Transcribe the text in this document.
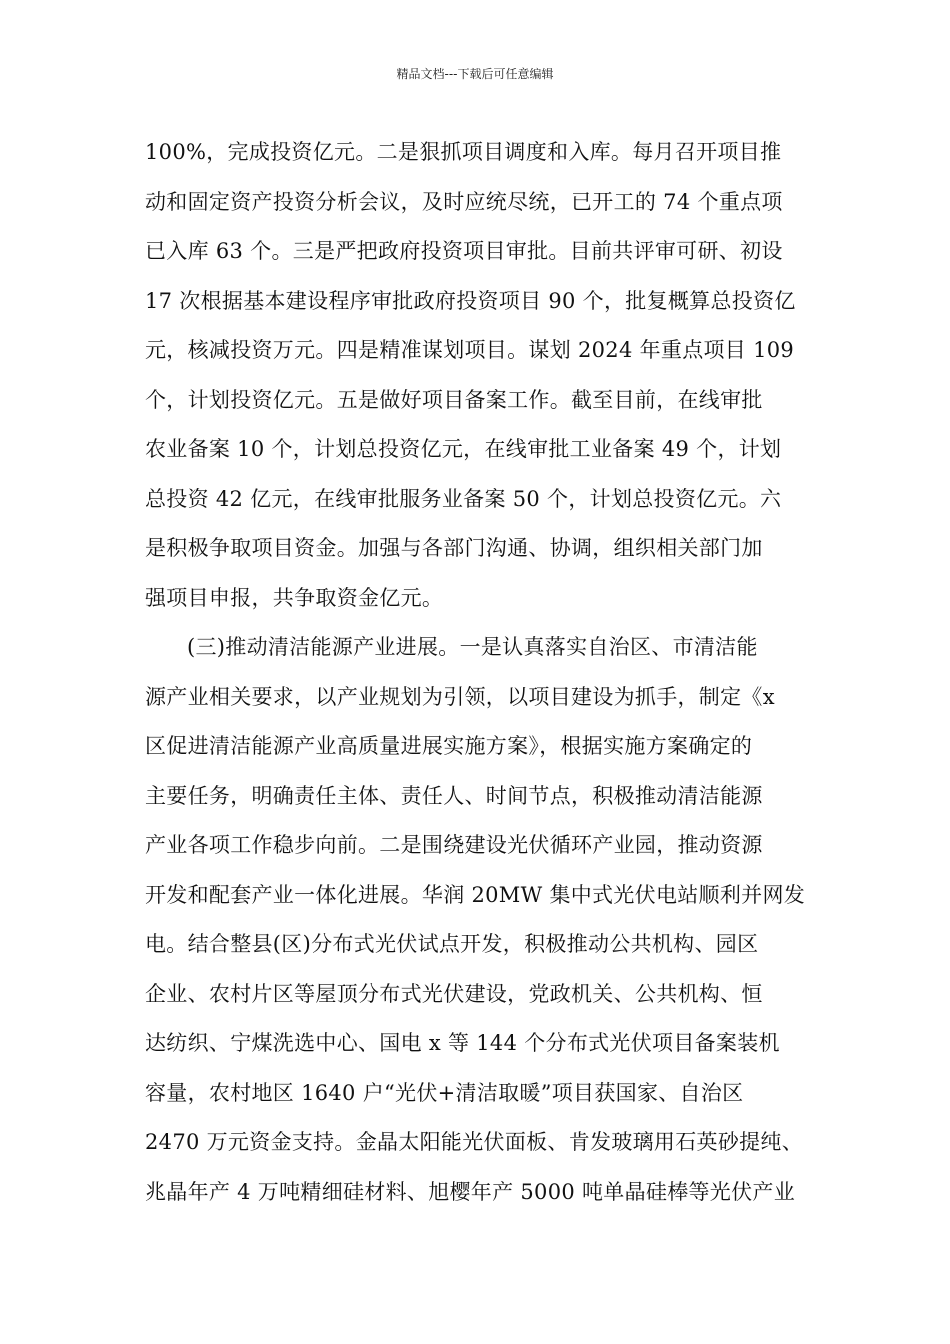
精品文档---下载后可任意编辑
100%，完成投资亿元。二是狠抓项目调度和入库。每月召开项目推
动和固定资产投资分析会议，及时应统尽统，已开工的 74 个重点项
已入库 63 个。三是严把政府投资项目审批。目前共评审可研、初设
17 次根据基本建设程序审批政府投资项目 90 个，批复概算总投资亿
元，核减投资万元。四是精准谋划项目。谋划 2024 年重点项目 109
个，计划投资亿元。五是做好项目备案工作。截至目前，在线审批
农业备案 10 个，计划总投资亿元，在线审批工业备案 49 个，计划
总投资 42 亿元，在线审批服务业备案 50 个，计划总投资亿元。六
是积极争取项目资金。加强与各部门沟通、协调，组织相关部门加
强项目申报，共争取资金亿元。
(三)推动清洁能源产业进展。一是认真落实自治区、市清洁能
源产业相关要求，以产业规划为引领，以项目建设为抓手，制定《x
区促进清洁能源产业高质量进展实施方案》，根据实施方案确定的
主要任务，明确责任主体、责任人、时间节点，积极推动清洁能源
产业各项工作稳步向前。二是围绕建设光伏循环产业园，推动资源
开发和配套产业一体化进展。华润 20MW 集中式光伏电站顺利并网发
电。结合整县(区)分布式光伏试点开发，积极推动公共机构、园区
企业、农村片区等屋顶分布式光伏建设，党政机关、公共机构、恒
达纺织、宁煤洗选中心、国电 x 等 144 个分布式光伏项目备案装机
容量，农村地区 1640 户“光伏+清洁取暖”项目获国家、自治区
2470 万元资金支持。金晶太阳能光伏面板、肯发玻璃用石英砂提纯、
兆晶年产 4 万吨精细硅材料、旭樱年产 5000 吨单晶硅棒等光伏产业
